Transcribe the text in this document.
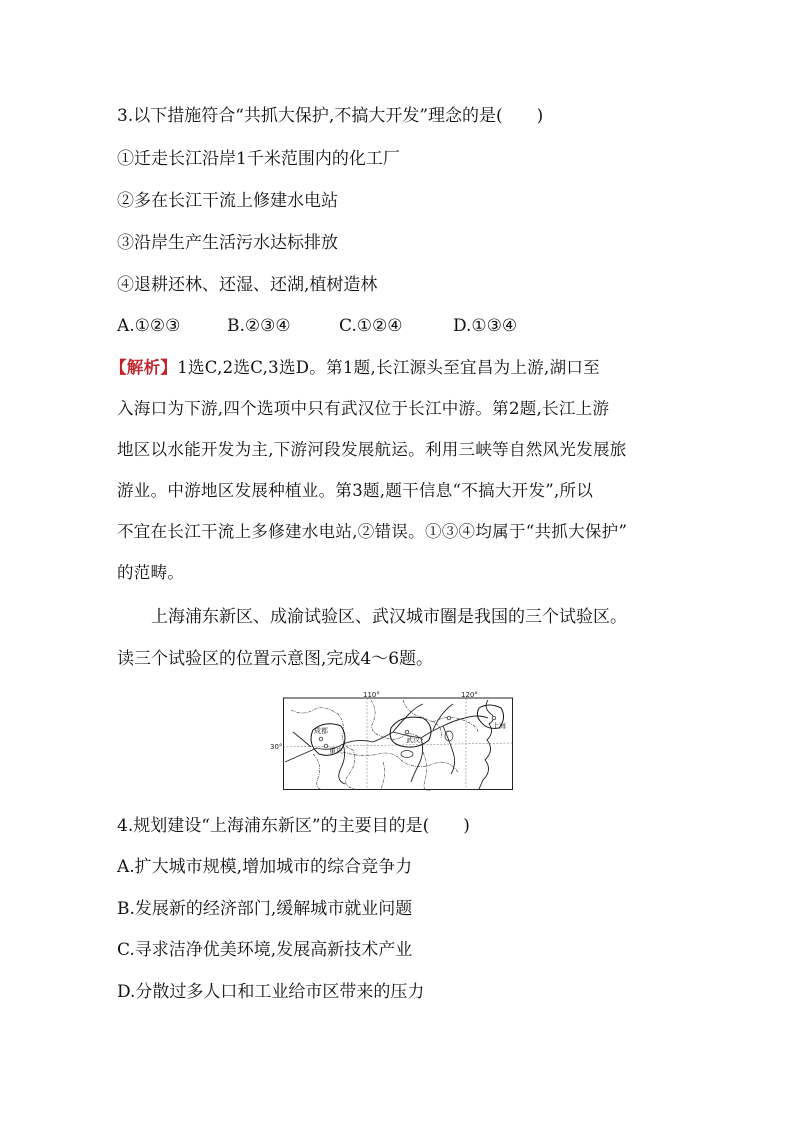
3.以下措施符合“共抓大保护,不搞大开发”理念的是(　　)
①迁走长江沿岸1千米范围内的化工厂
②多在长江干流上修建水电站
③沿岸生产生活污水达标排放
④退耕还林、还湿、还湖,植树造林
A.①②③	B.②③④	C.①②④	D.①③④
【解析】1选C,2选C,3选D。第1题,长江源头至宜昌为上游,湖口至
入海口为下游,四个选项中只有武汉位于长江中游。第2题,长江上游
地区以水能开发为主,下游河段发展航运。利用三峡等自然风光发展旅
游业。中游地区发展种植业。第3题,题干信息“不搞大开发”,所以
不宜在长江干流上多修建水电站,②错误。①③④均属于“共抓大保护”
的范畴。
上海浦东新区、成渝试验区、武汉城市圈是我国的三个试验区。
读三个试验区的位置示意图,完成4～6题。
110°	120°
30°
成都
重庆
武汉
上海
4.规划建设“上海浦东新区”的主要目的是(　　)
A.扩大城市规模,增加城市的综合竞争力
B.发展新的经济部门,缓解城市就业问题
C.寻求洁净优美环境,发展高新技术产业
D.分散过多人口和工业给市区带来的压力
